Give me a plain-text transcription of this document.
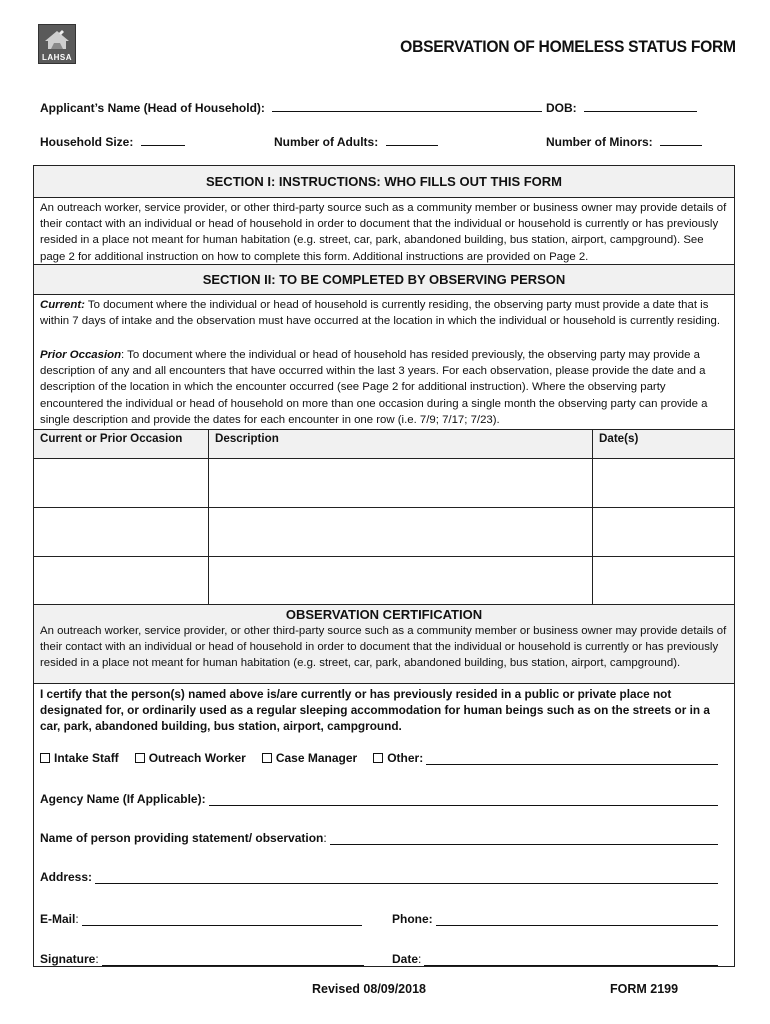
LAHSA
OBSERVATION OF HOMELESS STATUS FORM
Applicant’s Name (Head of Household):	DOB:
Household Size:	Number of Adults:	Number of Minors:
SECTION I: INSTRUCTIONS: WHO FILLS OUT THIS FORM
An outreach worker, service provider, or other third-party source such as a community member or business owner may provide details of their contact with an individual or head of household in order to document that the individual or household is currently or has previously resided in a place not meant for human habitation (e.g. street, car, park, abandoned building, bus station, airport, campground). See page 2 for additional instruction on how to complete this form. Additional instructions are provided on Page 2.
SECTION II: TO BE COMPLETED BY OBSERVING PERSON
Current: To document where the individual or head of household is currently residing, the observing party must provide a date that is within 7 days of intake and the observation must have occurred at the location in which the individual or household is currently residing.
Prior Occasion: To document where the individual or head of household has resided previously, the observing party may provide a description of any and all encounters that have occurred within the last 3 years. For each observation, please provide the date and a description of the location in which the encounter occurred (see Page 2 for additional instruction). Where the observing party encountered the individual or head of household on more than one occasion during a single month the observing party can provide a single description and provide the dates for each encounter in one row (i.e. 7/9; 7/17; 7/23).
Current or Prior Occasion	Description	Date(s)
OBSERVATION CERTIFICATION
An outreach worker, service provider, or other third-party source such as a community member or business owner may provide details of their contact with an individual or head of household in order to document that the individual or household is currently or has previously resided in a place not meant for human habitation (e.g. street, car, park, abandoned building, bus station, airport, campground).
I certify that the person(s) named above is/are currently or has previously resided in a public or private place not designated for, or ordinarily used as a regular sleeping accommodation for human beings such as on the streets or in a car, park, abandoned building, bus station, airport, campground.
Intake Staff	Outreach Worker	Case Manager	Other:
Agency Name (If Applicable):
Name of person providing statement/ observation :
Address:
E-Mail :	Phone:
Signature :	Date :
Revised 08/09/2018	FORM 2199
